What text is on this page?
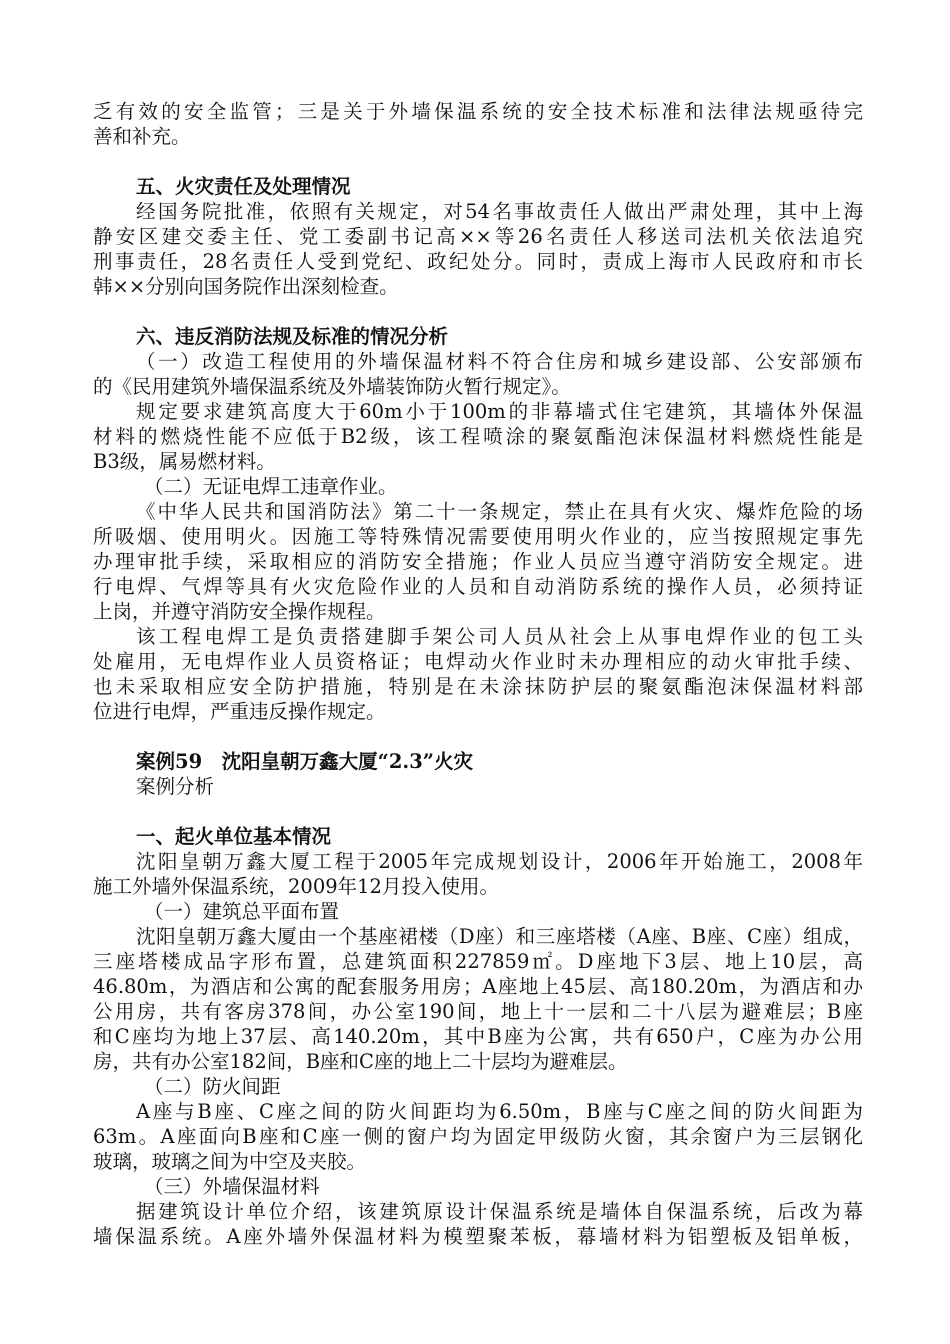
乏有效的安全监管；三是关于外墙保温系统的安全技术标准和法律法规亟待完
善和补充。
五、火灾责任及处理情况
经国务院批准，依照有关规定，对54名事故责任人做出严肃处理，其中上海
静安区建交委主任、党工委副书记高××等26名责任人移送司法机关依法追究
刑事责任，28名责任人受到党纪、政纪处分。同时，责成上海市人民政府和市长
韩××分别向国务院作出深刻检查。
六、违反消防法规及标准的情况分析
（一）改造工程使用的外墙保温材料不符合住房和城乡建设部、公安部颁布
的《民用建筑外墙保温系统及外墙装饰防火暂行规定》。
规定要求建筑高度大于60m小于100m的非幕墙式住宅建筑，其墙体外保温
材料的燃烧性能不应低于B2级，该工程喷涂的聚氨酯泡沫保温材料燃烧性能是
B3级，属易燃材料。
（二）无证电焊工违章作业。
《中华人民共和国消防法》第二十一条规定，禁止在具有火灾、爆炸危险的场
所吸烟、使用明火。因施工等特殊情况需要使用明火作业的，应当按照规定事先
办理审批手续，采取相应的消防安全措施；作业人员应当遵守消防安全规定。进
行电焊、气焊等具有火灾危险作业的人员和自动消防系统的操作人员，必须持证
上岗，并遵守消防安全操作规程。
该工程电焊工是负责搭建脚手架公司人员从社会上从事电焊作业的包工头
处雇用，无电焊作业人员资格证；电焊动火作业时未办理相应的动火审批手续、
也未采取相应安全防护措施，特别是在未涂抹防护层的聚氨酯泡沫保温材料部
位进行电焊，严重违反操作规定。
案例59　沈阳皇朝万鑫大厦“2.3”火灾
案例分析
一、起火单位基本情况
沈阳皇朝万鑫大厦工程于2005年完成规划设计，2006年开始施工，2008年
施工外墙外保温系统，2009年12月投入使用。
（一）建筑总平面布置
沈阳皇朝万鑫大厦由一个基座裙楼（D座）和三座塔楼（A座、B座、C座）组成，
三座塔楼成品字形布置，总建筑面积227859㎡。D座地下3层、地上10层，高
46.80m，为酒店和公寓的配套服务用房；A座地上45层、高180.20m，为酒店和办
公用房，共有客房378间，办公室190间，地上十一层和二十八层为避难层；B座
和C座均为地上37层、高140.20m，其中B座为公寓，共有650户，C座为办公用
房，共有办公室182间，B座和C座的地上二十层均为避难层。
（二）防火间距
A座与B座、C座之间的防火间距均为6.50m，B座与C座之间的防火间距为
63m。A座面向B座和C座一侧的窗户均为固定甲级防火窗，其余窗户为三层钢化
玻璃，玻璃之间为中空及夹胶。
（三）外墙保温材料
据建筑设计单位介绍，该建筑原设计保温系统是墙体自保温系统，后改为幕
墙保温系统。A座外墙外保温材料为模塑聚苯板，幕墙材料为铝塑板及铝单板，
